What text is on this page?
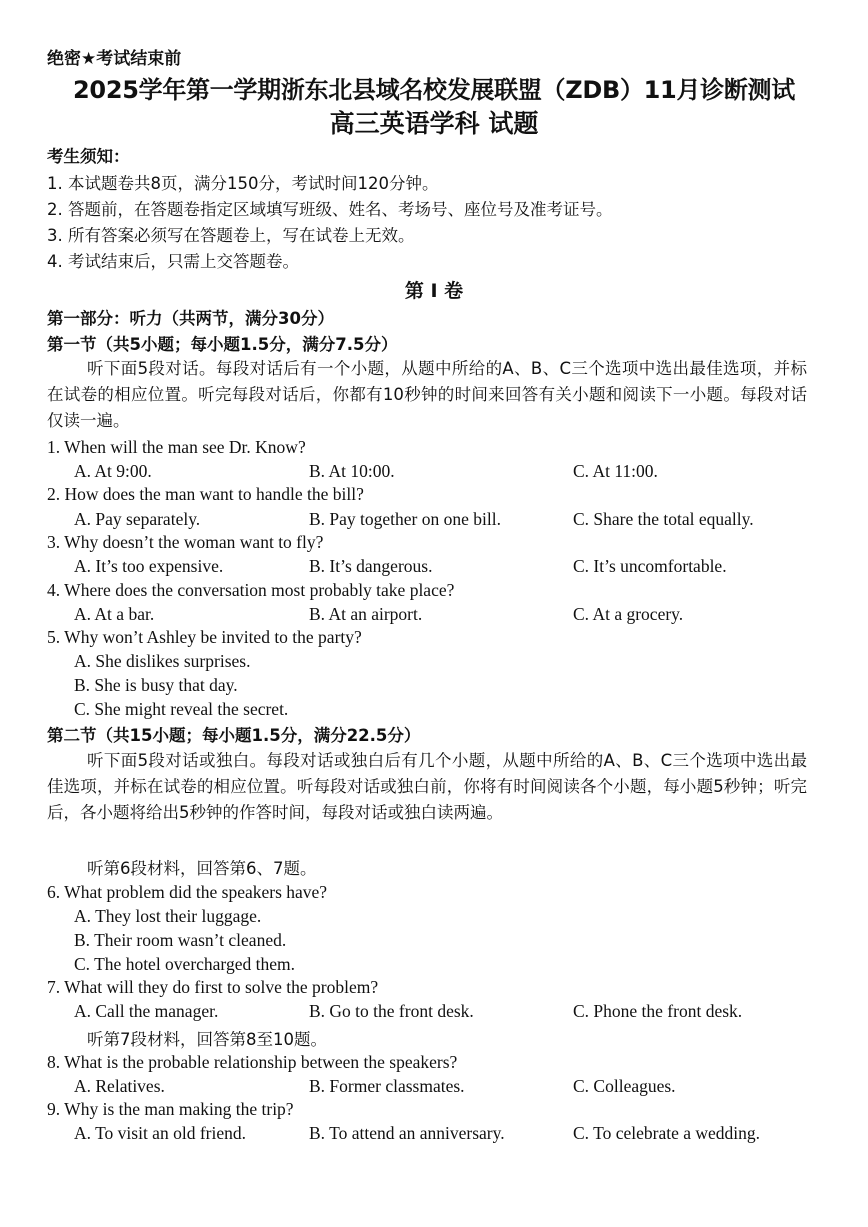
绝密★考试结束前
2025学年第一学期浙东北县域名校发展联盟（ZDB）11月诊断测试
高三英语学科 试题
考生须知：
1. 本试题卷共8页，满分150分，考试时间120分钟。
2. 答题前，在答题卷指定区域填写班级、姓名、考场号、座位号及准考证号。
3. 所有答案必须写在答题卷上，写在试卷上无效。
4. 考试结束后，只需上交答题卷。
第 I 卷
第一部分：听力（共两节，满分30分）
第一节（共5小题；每小题1.5分，满分7.5分）
听下面5段对话。每段对话后有一个小题，从题中所给的A、B、C三个选项中选出最佳选项，并标在试卷的相应位置。听完每段对话后，你都有10秒钟的时间来回答有关小题和阅读下一小题。每段对话仅读一遍。
1. When will the man see Dr. Know?
A. At 9:00.	B. At 10:00.	C. At 11:00.
2. How does the man want to handle the bill?
A. Pay separately.	B. Pay together on one bill.	C. Share the total equally.
3. Why doesn’t the woman want to fly?
A. It’s too expensive.	B. It’s dangerous.	C. It’s uncomfortable.
4. Where does the conversation most probably take place?
A. At a bar.	B. At an airport.	C. At a grocery.
5. Why won’t Ashley be invited to the party?
A. She dislikes surprises.
B. She is busy that day.
C. She might reveal the secret.
第二节（共15小题；每小题1.5分，满分22.5分）
听下面5段对话或独白。每段对话或独白后有几个小题，从题中所给的A、B、C三个选项中选出最佳选项，并标在试卷的相应位置。听每段对话或独白前，你将有时间阅读各个小题，每小题5秒钟；听完后，各小题将给出5秒钟的作答时间，每段对话或独白读两遍。
听第6段材料，回答第6、7题。
6. What problem did the speakers have?
A. They lost their luggage.
B. Their room wasn’t cleaned.
C. The hotel overcharged them.
7. What will they do first to solve the problem?
A. Call the manager.	B. Go to the front desk.	C. Phone the front desk.
听第7段材料，回答第8至10题。
8. What is the probable relationship between the speakers?
A. Relatives.	B. Former classmates.	C. Colleagues.
9. Why is the man making the trip?
A. To visit an old friend.	B. To attend an anniversary.	C. To celebrate a wedding.
